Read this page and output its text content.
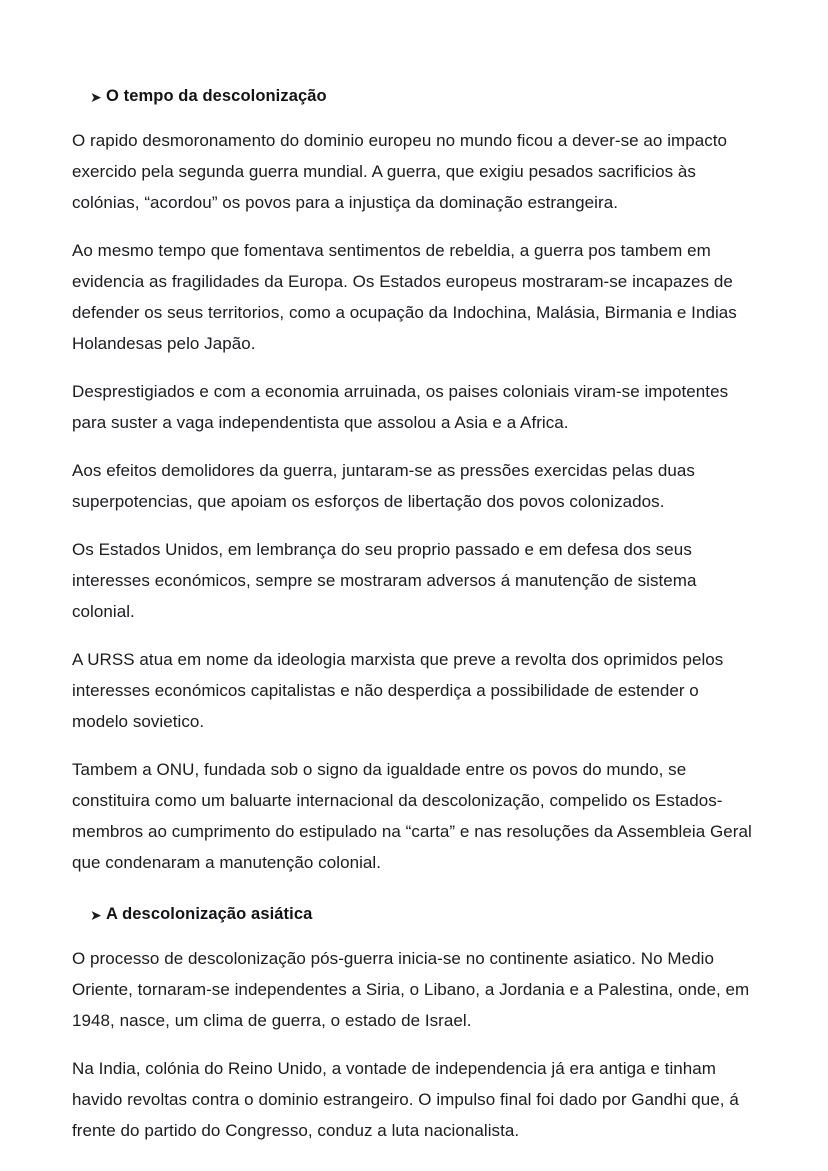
➤ O tempo da descolonização

O rapido desmoronamento do dominio europeu no mundo ficou a dever-se ao impacto exercido pela segunda guerra mundial. A guerra, que exigiu pesados sacrificios às colónias, “acordou” os povos para a injustiça da dominação estrangeira.

Ao mesmo tempo que fomentava sentimentos de rebeldia, a guerra pos tambem em evidencia as fragilidades da Europa. Os Estados europeus mostraram-se incapazes de defender os seus territorios, como a ocupação da Indochina, Malásia, Birmania e Indias Holandesas pelo Japão.

Desprestigiados e com a economia arruinada, os paises coloniais viram-se impotentes para suster a vaga independentista que assolou a Asia e a Africa.

Aos efeitos demolidores da guerra, juntaram-se as pressões exercidas pelas duas superpotencias, que apoiam os esforços de libertação dos povos colonizados.

Os Estados Unidos, em lembrança do seu proprio passado e em defesa dos seus interesses económicos, sempre se mostraram adversos á manutenção de sistema colonial.

A URSS atua em nome da ideologia marxista que preve a revolta dos oprimidos pelos interesses económicos capitalistas e não desperdiça a possibilidade de estender o modelo sovietico.

Tambem a ONU, fundada sob o signo da igualdade entre os povos do mundo, se constituira como um baluarte internacional da descolonização, compelido os Estados-membros ao cumprimento do estipulado na “carta” e nas resoluções da Assembleia Geral que condenaram a manutenção colonial.

➤ A descolonização asiática

O processo de descolonização pós-guerra inicia-se no continente asiatico. No Medio Oriente, tornaram-se independentes a Siria, o Libano, a Jordania e a Palestina, onde, em 1948, nasce, um clima de guerra, o estado de Israel.

Na India, colónia do Reino Unido, a vontade de independencia já era antiga e tinham havido revoltas contra o dominio estrangeiro. O impulso final foi dado por Gandhi que, á frente do partido do Congresso, conduz a luta nacionalista.
